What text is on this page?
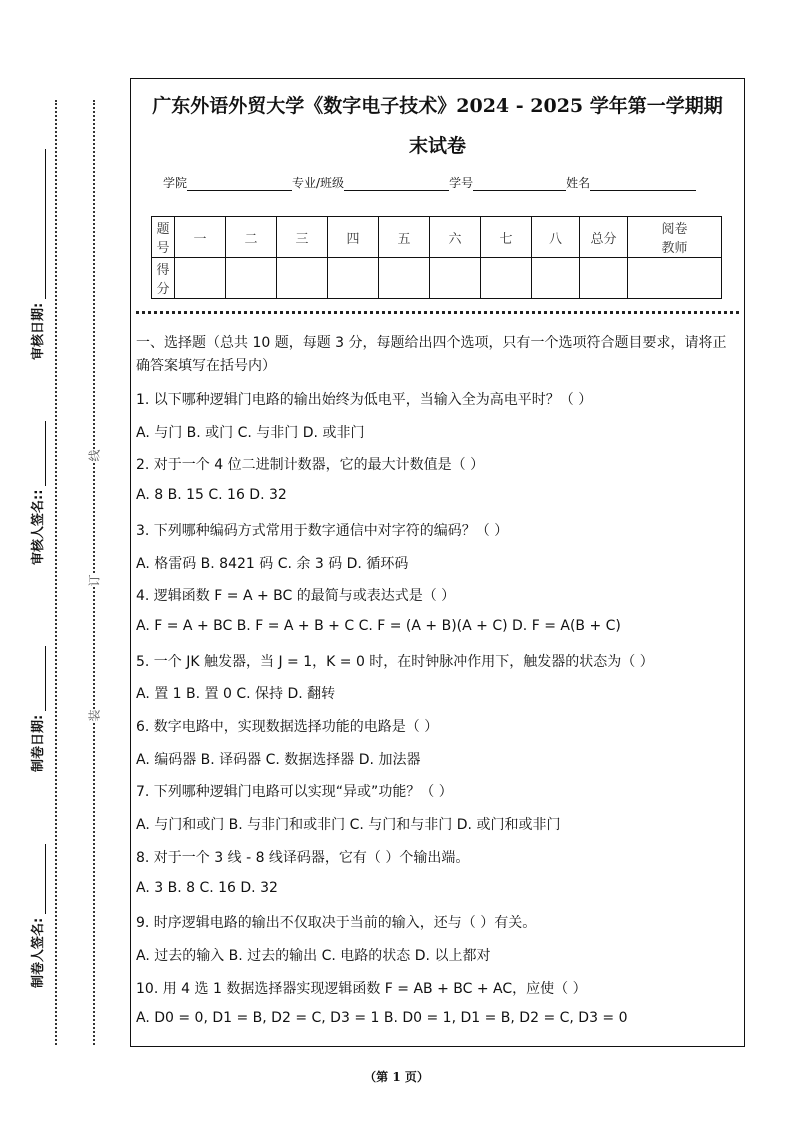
审核日期:
审核人签名::
制卷日期:
制卷人签名:
线
订
装
广东外语外贸大学《数字电子技术》2024 - 2025 学年第一学期期
末试卷
学院	专业/班级	学号	姓名
题号	一	二	三	四	五	六	七	八	总分	阅卷教师
得分										
一、选择题（总共 10 题，每题 3 分，每题给出四个选项，只有一个选项符合题目要求，请将正确答案填写在括号内）
1. 以下哪种逻辑门电路的输出始终为低电平，当输入全为高电平时？（ ）
A. 与门 B. 或门 C. 与非门 D. 或非门
2. 对于一个 4 位二进制计数器，它的最大计数值是（ ）
A. 8 B. 15 C. 16 D. 32
3. 下列哪种编码方式常用于数字通信中对字符的编码？（ ）
A. 格雷码 B. 8421 码 C. 余 3 码 D. 循环码
4. 逻辑函数 F = A + BC 的最简与或表达式是（ ）
A. F = A + BC B. F = A + B + C C. F = (A + B)(A + C) D. F = A(B + C)
5. 一个 JK 触发器，当 J = 1，K = 0 时，在时钟脉冲作用下，触发器的状态为（ ）
A. 置 1 B. 置 0 C. 保持 D. 翻转
6. 数字电路中，实现数据选择功能的电路是（ ）
A. 编码器 B. 译码器 C. 数据选择器 D. 加法器
7. 下列哪种逻辑门电路可以实现“异或”功能？（ ）
A. 与门和或门 B. 与非门和或非门 C. 与门和与非门 D. 或门和或非门
8. 对于一个 3 线 - 8 线译码器，它有（ ）个输出端。
A. 3 B. 8 C. 16 D. 32
9. 时序逻辑电路的输出不仅取决于当前的输入，还与（ ）有关。
A. 过去的输入 B. 过去的输出 C. 电路的状态 D. 以上都对
10. 用 4 选 1 数据选择器实现逻辑函数 F = AB + BC + AC，应使（ ）
A. D0 = 0, D1 = B, D2 = C, D3 = 1 B. D0 = 1, D1 = B, D2 = C, D3 = 0
（第 1 页）
